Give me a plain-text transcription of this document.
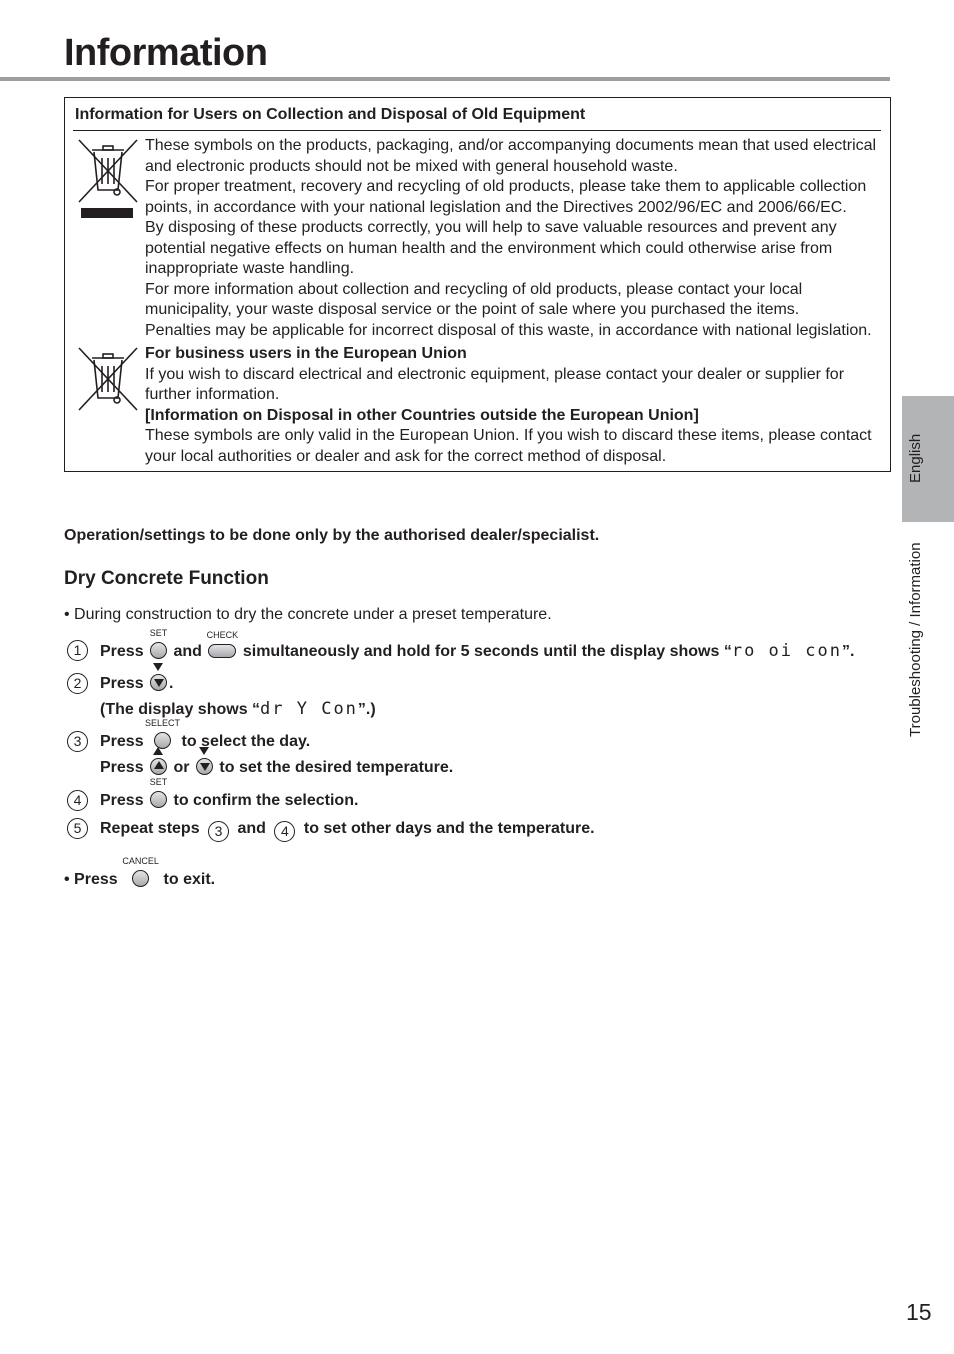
Information
Information for Users on Collection and Disposal of Old Equipment
These symbols on the products, packaging, and/or accompanying documents mean that used electrical and electronic products should not be mixed with general household waste.
For proper treatment, recovery and recycling of old products, please take them to applicable collection points, in accordance with your national legislation and the Directives 2002/96/EC and 2006/66/EC.
By disposing of these products correctly, you will help to save valuable resources and prevent any potential negative effects on human health and the environment which could otherwise arise from inappropriate waste handling.
For more information about collection and recycling of old products, please contact your local municipality, your waste disposal service or the point of sale where you purchased the items.
Penalties may be applicable for incorrect disposal of this waste, in accordance with national legislation.
For business users in the European Union
If you wish to discard electrical and electronic equipment, please contact your dealer or supplier for further information.
[Information on Disposal in other Countries outside the European Union]
These symbols are only valid in the European Union. If you wish to discard these items, please contact your local authorities or dealer and ask for the correct method of disposal.	English
Troubleshooting / Information
Operation/settings to be done only by the authorised dealer/specialist.
Dry Concrete Function
• During construction to dry the concrete under a preset temperature.
1	Press
SET
and
CHECK
simultaneously and hold for 5 seconds until the display shows “ro oi con”.
2	Press .
(The display shows “dr Y Con”.)
3	Press
SELECT
to select the day.
Press or to set the desired temperature.
4	Press
SET
to confirm the selection.
5	Repeat steps 3 and 4 to set other days and the temperature.
• Press
CANCEL
to exit.
15
